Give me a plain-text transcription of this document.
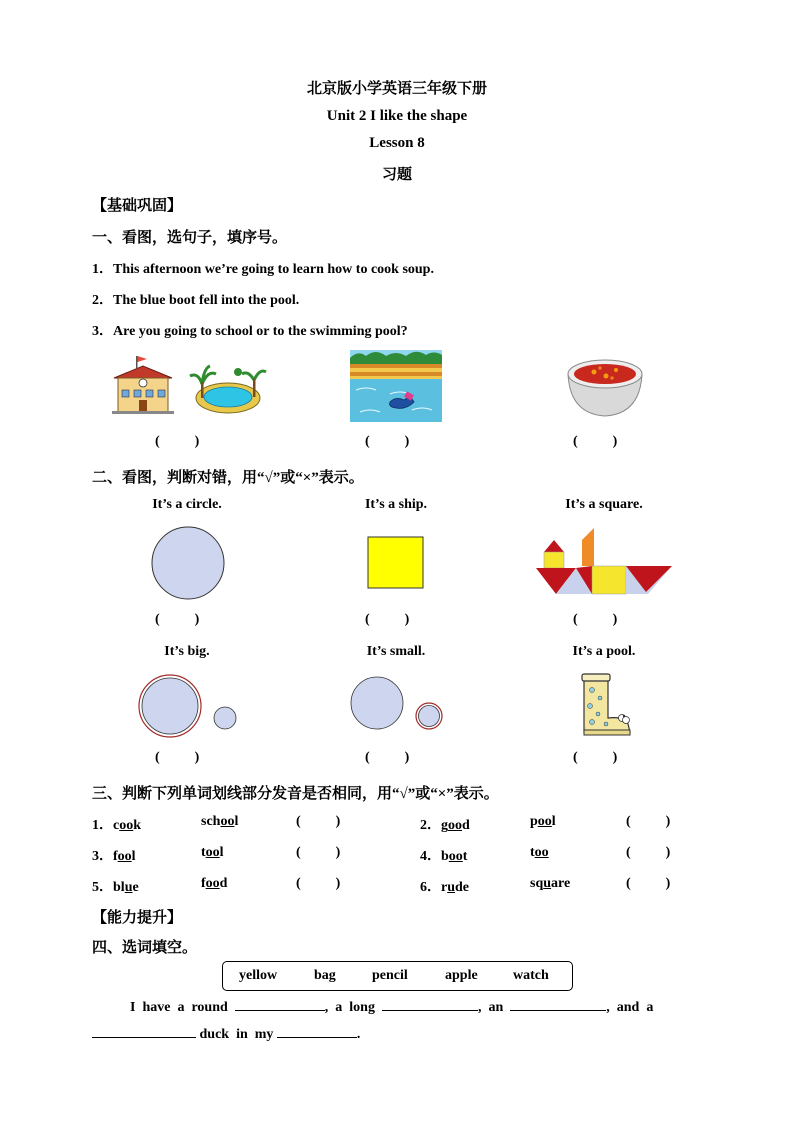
北京版小学英语三年级下册
Unit 2 I like the shape
Lesson 8
习题
【基础巩固】
一、看图，选句子，填序号。
1．This afternoon we’re going to learn how to cook soup.
2．The blue boot fell into the pool.
3．Are you going to school or to the swimming pool?
(          )	(          )	(          )
二、看图，判断对错，用“√”或“×”表示。
It’s a circle.	It’s a ship.	It’s a square.
(          )	(          )	(          )
It’s big.	It’s small.	It’s a pool.
(          )	(          )	(          )
三、判断下列单词划线部分发音是否相同，用“√”或“×”表示。
1．cook	school	(          )	2．good	pool	(          )
3．fool	tool	(          )	4．boot	too	(          )
5．blue	food	(          )	6．rude	square	(          )
【能力提升】
四、选词填空。
yellow	bag	pencil	apple	watch
I  have  a  round	,  a  long	,  an	,  and  a
duck  in  my	.
